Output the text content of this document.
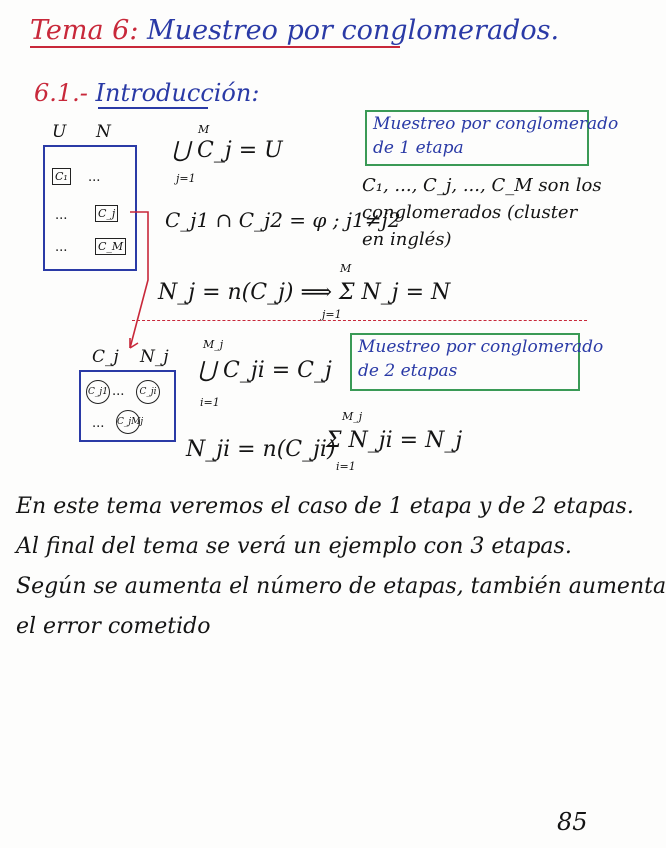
Tema 6: Muestreo por conglomerados.
6.1.- Introducción:
U N
C₁ ...
...	C_j
...	C_M
C_j N_j
C_j1 ...	C_ji
... C_jMj
M
⋃ C_j = U
j=1
C_j1 ∩ C_j2 = φ ; j1≠j2
N_j = n(C_j) ⟹ Σ N_j = N
M
j=1
M_j
⋃ C_ji = C_j
i=1
N_ji = n(C_ji)
M_j
Σ N_ji = N_j
i=1
Muestreo por conglomerado
de 1 etapa
C₁, ..., C_j, ..., C_M son los
conglomerados (cluster
en inglés)
Muestreo por conglomerado
de 2 etapas
En este tema veremos el caso de 1 etapa y de 2 etapas.
Al final del tema se verá un ejemplo con 3 etapas.
Según se aumenta el número de etapas, también aumenta
el error cometido
85
